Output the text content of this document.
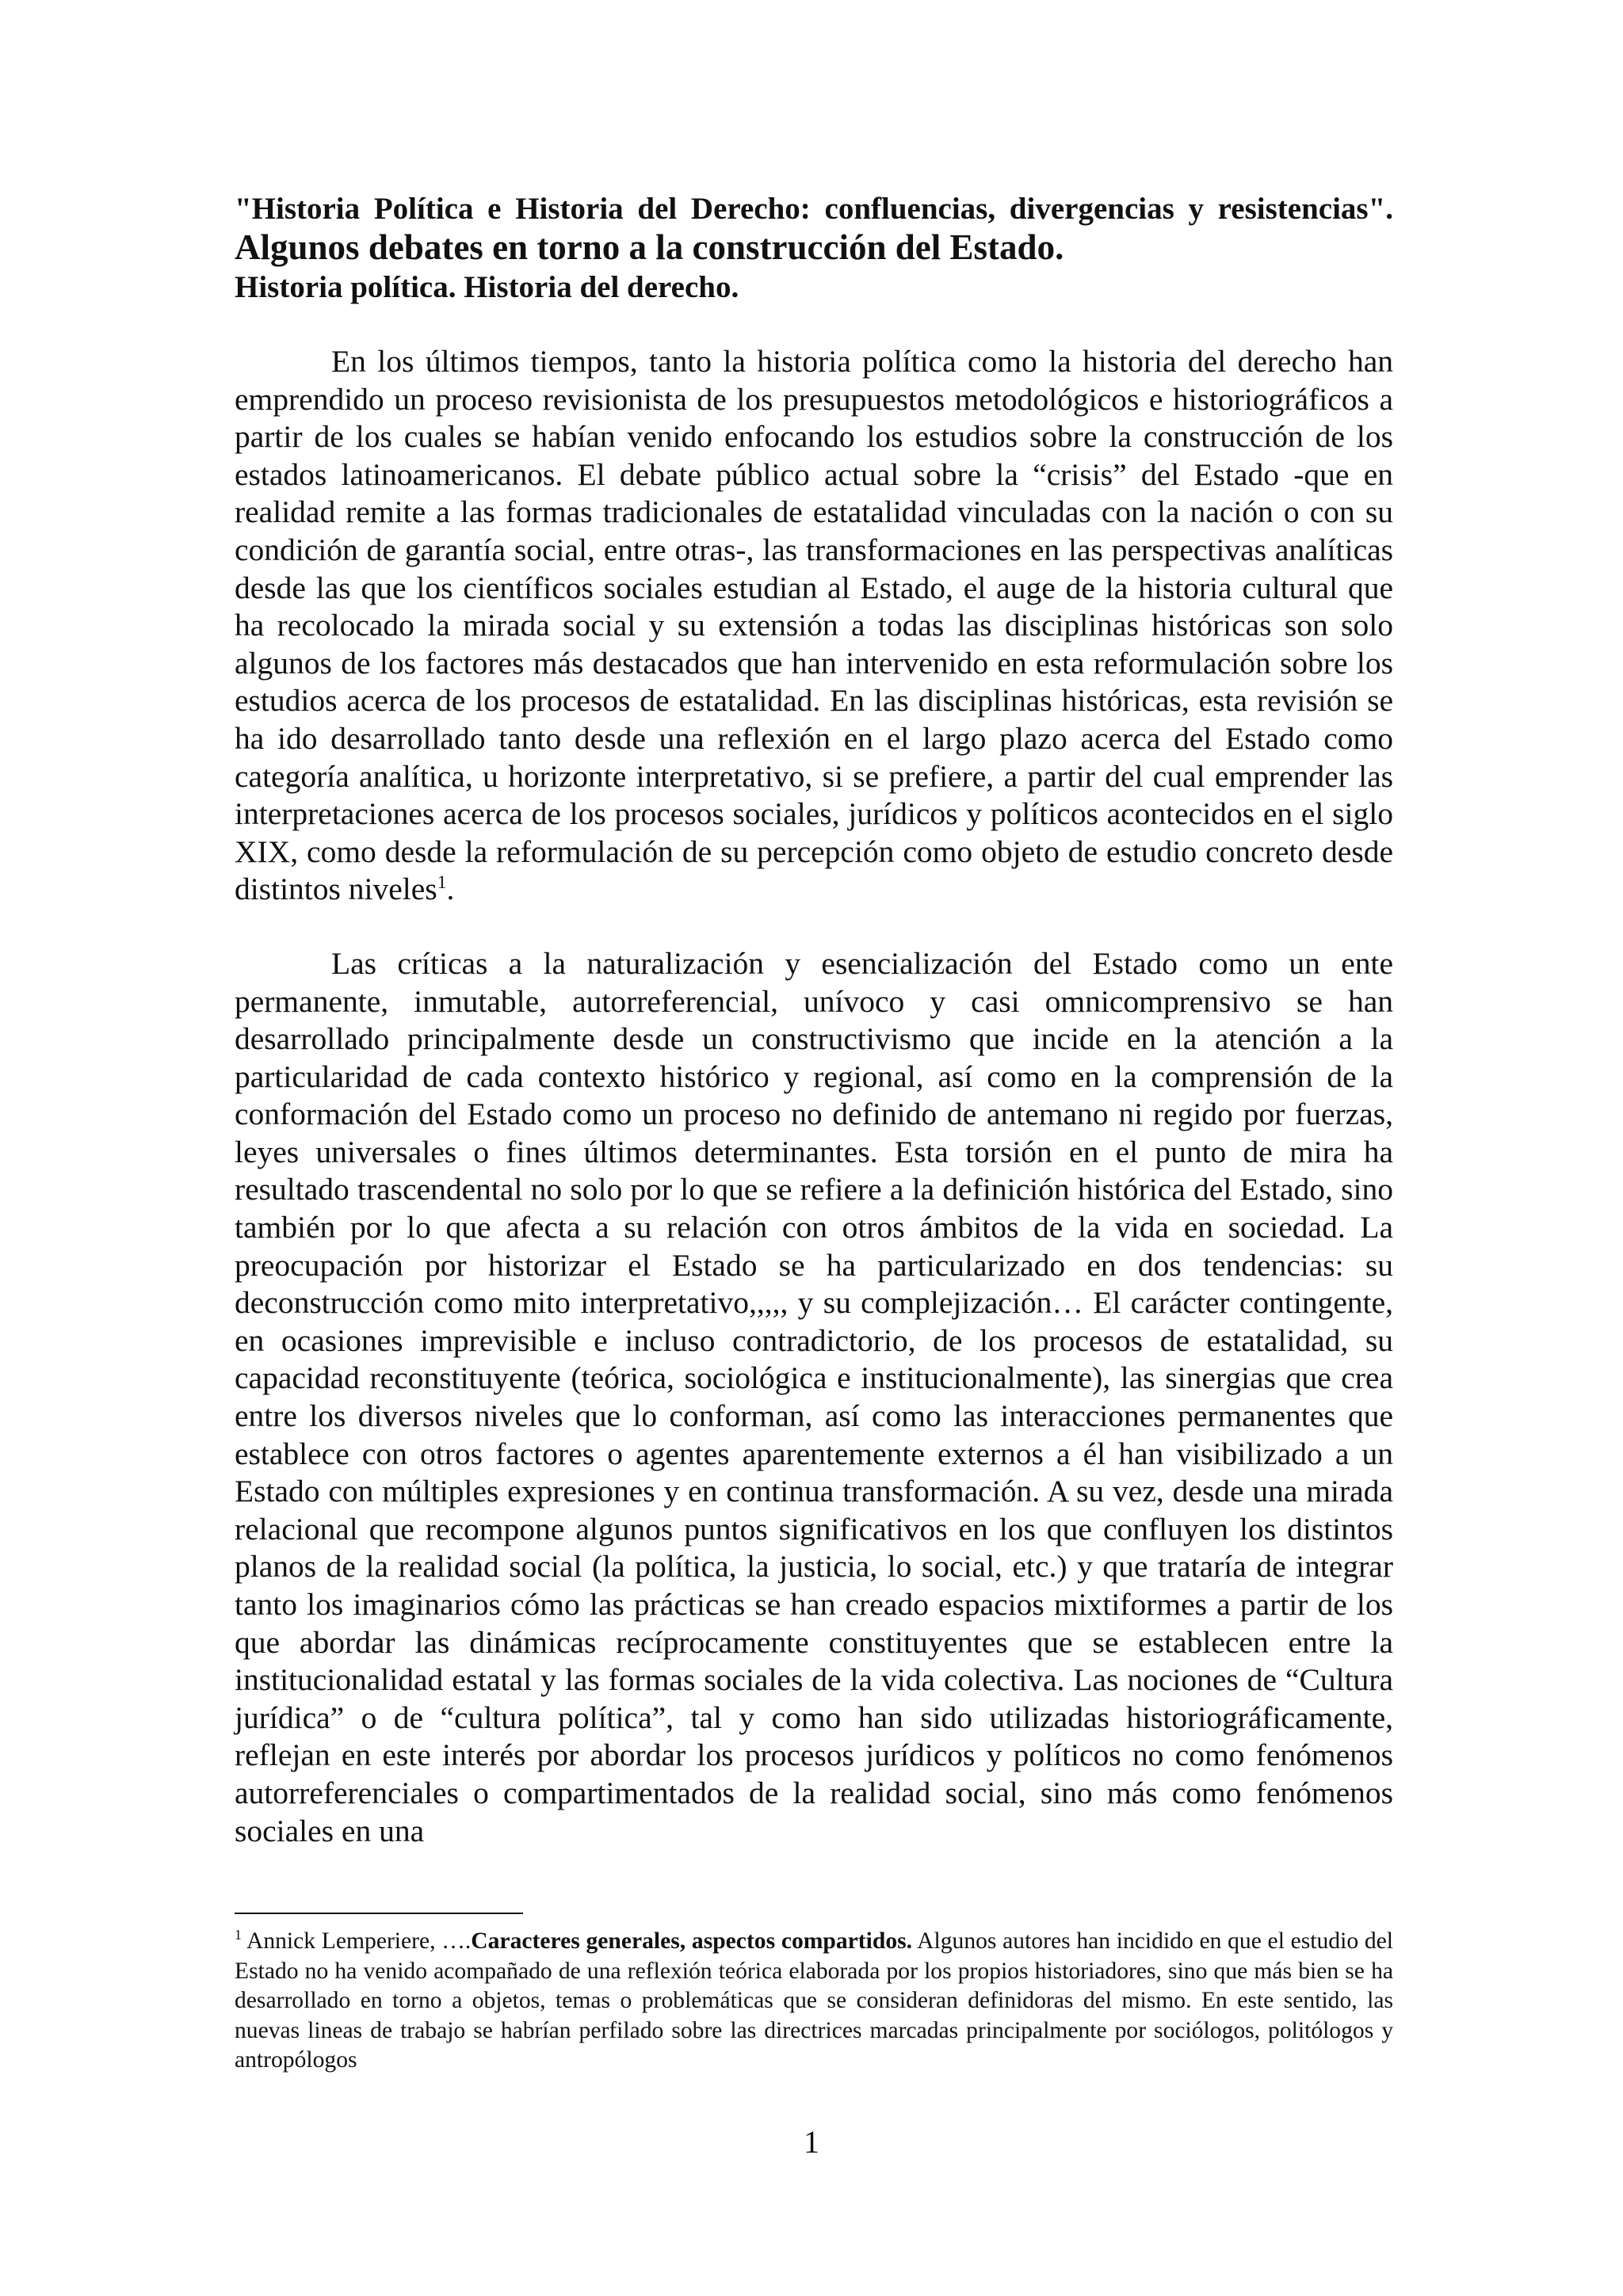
"Historia Política e Historia del Derecho: confluencias, divergencias y resistencias". Algunos debates en torno a la construcción del Estado.

Historia política. Historia del derecho.

En los últimos tiempos, tanto la historia política como la historia del derecho han emprendido un proceso revisionista de los presupuestos metodológicos e historiográficos a partir de los cuales se habían venido enfocando los estudios sobre la construcción de los estados latinoamericanos. El debate público actual sobre la “crisis” del Estado -que en realidad remite a las formas tradicionales de estatalidad vinculadas con la nación o con su condición de garantía social, entre otras-, las transformaciones en las perspectivas analíticas desde las que los científicos sociales estudian al Estado, el auge de la historia cultural que ha recolocado la mirada social y su extensión a todas las disciplinas históricas son solo algunos de los factores más destacados que han intervenido en esta reformulación sobre los estudios acerca de los procesos de estatalidad. En las disciplinas históricas, esta revisión se ha ido desarrollado tanto desde una reflexión en el largo plazo acerca del Estado como categoría analítica, u horizonte interpretativo, si se prefiere, a partir del cual emprender las interpretaciones acerca de los procesos sociales, jurídicos y políticos acontecidos en el siglo XIX, como desde la reformulación de su percepción como objeto de estudio concreto desde distintos niveles$^1$.

Las críticas a la naturalización y esencialización del Estado como un ente permanente, inmutable, autorreferencial, unívoco y casi omnicomprensivo se han desarrollado principalmente desde un constructivismo que incide en la atención a la particularidad de cada contexto histórico y regional, así como en la comprensión de la conformación del Estado como un proceso no definido de antemano ni regido por fuerzas, leyes universales o fines últimos determinantes. Esta torsión en el punto de mira ha resultado trascendental no solo por lo que se refiere a la definición histórica del Estado, sino también por lo que afecta a su relación con otros ámbitos de la vida en sociedad. La preocupación por historizar el Estado se ha particularizado en dos tendencias: su deconstrucción como mito interpretativo,,,,, y su complejización… El carácter contingente, en ocasiones imprevisible e incluso contradictorio, de los procesos de estatalidad, su capacidad reconstituyente (teórica, sociológica e institucionalmente), las sinergias que crea entre los diversos niveles que lo conforman, así como las interacciones permanentes que establece con otros factores o agentes aparentemente externos a él han visibilizado a un Estado con múltiples expresiones y en continua transformación. A su vez, desde una mirada relacional que recompone algunos puntos significativos en los que confluyen los distintos planos de la realidad social (la política, la justicia, lo social, etc.) y que trataría de integrar tanto los imaginarios cómo las prácticas se han creado espacios mixtiformes a partir de los que abordar las dinámicas recíprocamente constituyentes que se establecen entre la institucionalidad estatal y las formas sociales de la vida colectiva. Las nociones de “Cultura jurídica” o de “cultura política”, tal y como han sido utilizadas historiográficamente, reflejan en este interés por abordar los procesos jurídicos y políticos no como fenómenos autorreferenciales o compartimentados de la realidad social, sino más como fenómenos sociales en una

$^1$ Annick Lemperiere, ….Caracteres generales, aspectos compartidos. Algunos autores han incidido en que el estudio del Estado no ha venido acompañado de una reflexión teórica elaborada por los propios historiadores, sino que más bien se ha desarrollado en torno a objetos, temas o problemáticas que se consideran definidoras del mismo. En este sentido, las nuevas lineas de trabajo se habrían perfilado sobre las directrices marcadas principalmente por sociólogos, politólogos y antropólogos

1
